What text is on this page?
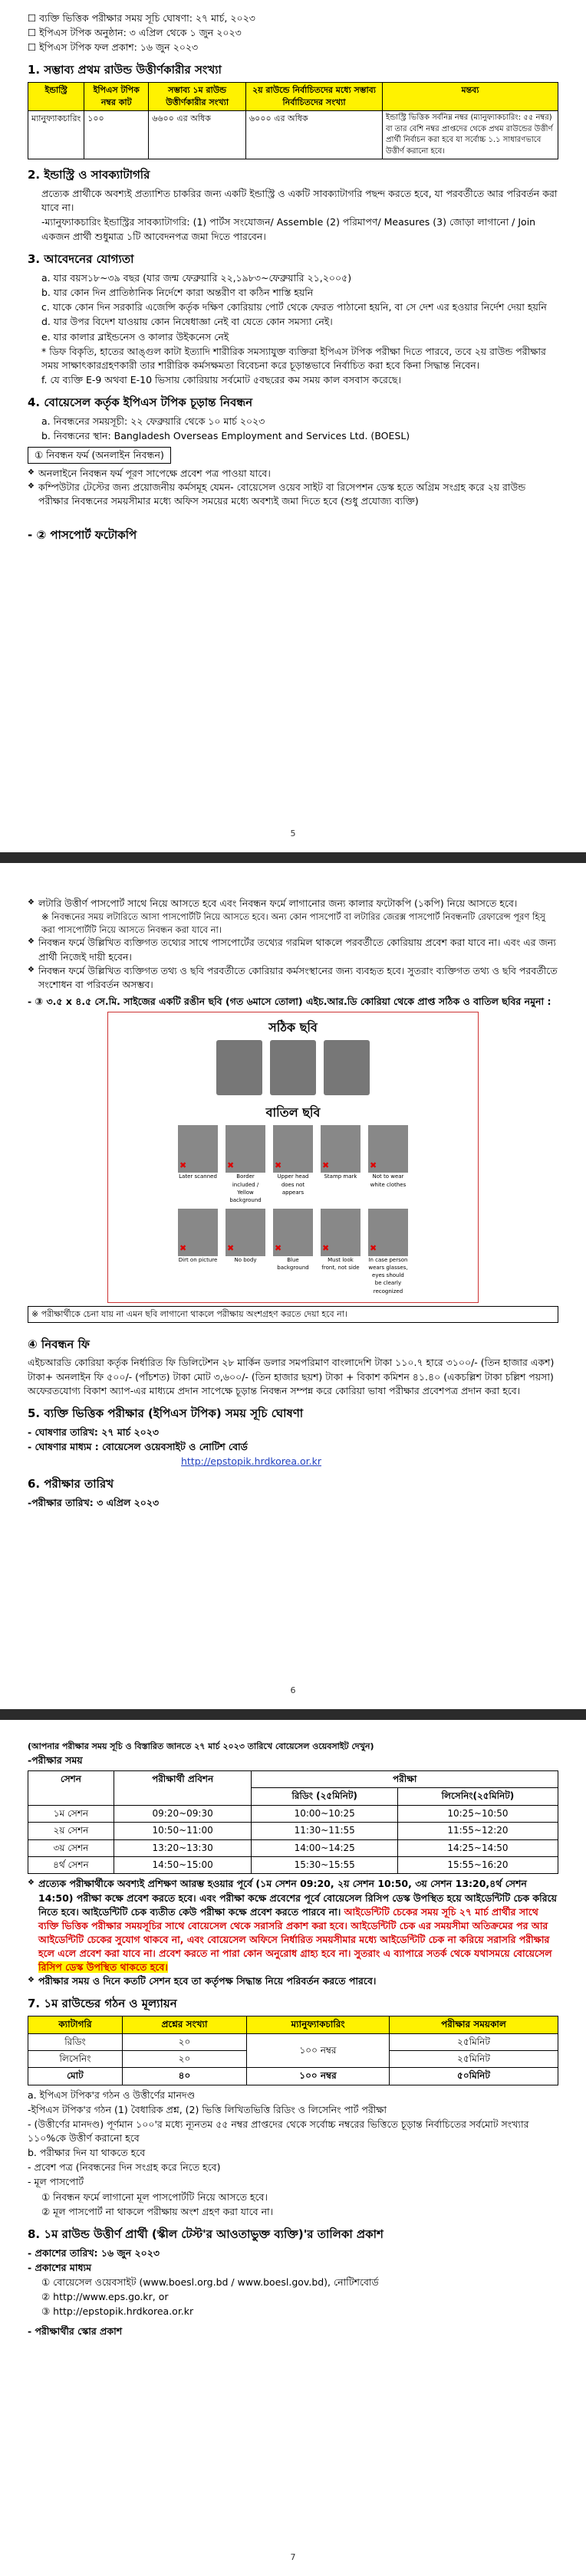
☐ ব্যক্তি ভিত্তিক পরীক্ষার সময় সূচি ঘোষণা: ২৭ মার্চ, ২০২৩
☐ ইপিএস টপিক অনুষ্ঠান: ৩ এপ্রিল থেকে ১ জুন ২০২৩
☐ ইপিএস টপিক ফল প্রকাশ: ১৬ জুন ২০২৩
1. সম্ভাব্য প্রথম রাউন্ড উত্তীর্ণকারীর সংখ্যা
ইন্ডাস্ট্রি	ইপিএস টপিক নম্বর কাট	সম্ভাব্য ১ম রাউন্ড উত্তীর্ণকারীর সংখ্যা	২য় রাউন্ডে নির্বাচিতদের মধ্যে সম্ভাব্য নির্বাচিতদের সংখ্যা	মন্তব্য
ম্যানুফ্যাকচারিং	১০০	৬৬০০ এর অধিক	৬০০০ এর অধিক	ইন্ডাস্ট্রি ভিত্তিক সর্বনিম্ন নম্বর (ম্যানুফ্যাকচারিং: ৫৫ নম্বর) বা তার বেশি নম্বর প্রাপ্তদের থেকে প্রথম রাউন্ডের উত্তীর্ণ প্রার্থী নির্বাচন করা হবে যা সর্বোচ্চ ১.১ সাধারণভাবে উত্তীর্ণ করানো হবে।
2. ইন্ডাস্ট্রি ও সাবক্যাটাগরি
প্রত্যেক প্রার্থীকে অবশ্যই প্রত্যাশিত চাকরির জন্য একটি ইন্ডাস্ট্রি ও একটি সাবক্যাটাগরি পছন্দ করতে হবে, যা পরবর্তীতে আর পরিবর্তন করা যাবে না।
-ম্যানুফ্যাকচারিং ইন্ডাস্ট্রির সাবক্যাটাগরি: (1) পার্টস সংযোজন/ Assemble (2) পরিমাপণ/ Measures (3) জোড়া লাগানো / Join
একজন প্রার্থী শুধুমাত্র ১টি আবেদনপত্র জমা দিতে পারবেন।
3. আবেদনের যোগ্যতা
a. যার বয়স১৮~৩৯ বছর (যার জন্ম ফেব্রুয়ারি ২২,১৯৮৩~ফেব্রুয়ারি ২১,২০০৫)
b. যার কোন দিন প্রাতিষ্ঠানিক নির্দেশে কারা অন্তরীণ বা কঠিন শাস্তি হয়নি
c. যাকে কোন দিন সরকারি এজেন্সি কর্তৃক দক্ষিণ কোরিয়ায় পোর্ট থেকে ফেরত পাঠানো হয়নি, বা সে দেশ এর হওয়ার নির্দেশ দেয়া হয়নি
d. যার উপর বিদেশ যাওয়ায় কোন নিষেধাজ্ঞা নেই বা যেতে কোন সমস্যা নেই।
e. যার কালার ব্লাইন্ডনেস ও কালার উইকনেস নেই
* ডিফ বিকৃতি, হাতের আঙ্গুল কাটা ইত্যাদি শারীরিক সমস্যাযুক্ত ব্যক্তিরা ইপিএস টপিক পরীক্ষা দিতে পারবে, তবে ২য় রাউন্ড পরীক্ষার সময় সাক্ষাৎকারগ্রহণকারী তার শারীরিক কর্মসক্ষমতা বিবেচনা করে চূড়ান্তভাবে নির্বাচিত করা হবে কিনা সিদ্ধান্ত নিবেন।
f. যে ব্যক্তি E-9 অথবা E-10 ভিসায় কোরিয়ায় সর্বমোট ৫বছরের কম সময় কাল বসবাস করেছে।
4. বোয়েসেল কর্তৃক ইপিএস টপিক চূড়ান্ত নিবন্ধন
a. নিবন্ধনের সময়সূচী: ২২ ফেব্রুয়ারি থেকে ১০ মার্চ ২০২৩
b. নিবন্ধনের স্থান: Bangladesh Overseas Employment and Services Ltd. (BOESL)
① নিবন্ধন ফর্ম (অনলাইন নিবন্ধন)
❖ অনলাইনে নিবন্ধন ফর্ম পূরণ সাপেক্ষে প্রবেশ পত্র পাওয়া যাবে।
❖ কম্পিউটার টেস্টের জন্য প্রয়োজনীয় কর্মসমূহ যেমন- বোয়েসেল ওয়েব সাইট বা রিসেপশন ডেস্ক হতে অগ্রিম সংগ্রহ করে ২য় রাউন্ড পরীক্ষার নিবন্ধনের সময়সীমার মধ্যে অফিস সময়ের মধ্যে অবশ্যই জমা দিতে হবে (শুধু প্রযোজ্য ব্যক্তি)
- ② পাসপোর্ট ফটোকপি
5
❖ লটারি উত্তীর্ণ পাসপোর্ট সাথে নিয়ে আসতে হবে এবং নিবন্ধন ফর্মে লাগানোর জন্য কালার ফটোকপি (১কপি) নিয়ে আসতে হবে।
※ নিবন্ধনের সময় লটারিতে আসা পাসপোর্টটি নিয়ে আসতে হবে। অন্য কোন পাসপোর্ট বা লটারির জেরক্স পাসপোর্ট নিবন্ধনটি রেফারেন্স পূরণ হিসু করা পাসপোর্টটি নিয়ে আসতে নিবন্ধন করা যাবে না।
❖ নিবন্ধন ফর্মে উল্লিখিত ব্যক্তিগত তথ্যের সাথে পাসপোর্টের তথ্যের গরমিল থাকলে পরবর্তীতে কোরিয়ায় প্রবেশ করা যাবে না। এবং এর জন্য প্রার্থী নিজেই দায়ী হবেন।
❖ নিবন্ধন ফর্মে উল্লিখিত ব্যক্তিগত তথ্য ও ছবি পরবর্তীতে কোরিয়ার কর্মসংস্থানের জন্য ব্যবহৃত হবে। সুতরাং ব্যক্তিগত তথ্য ও ছবি পরবর্তীতে সংশোধন বা পরিবর্তন অসম্ভব।
- ③ ৩.৫ x ৪.৫ সে.মি. সাইজের একটি রঙীন ছবি (গত ৬মাসে তোলা) এইচ.আর.ডি কোরিয়া থেকে প্রাপ্ত সঠিক ও বাতিল ছবির নমুনা :
সঠিক ছবি

বাতিল ছবি
✖
Later scanned

✖	Border included / Yellow background

✖
Upper head does not appears

✖
Stamp mark

✖	Not to wear white clothes
✖
Dirt on picture

✖	No body

✖	Blue background

✖
Must look front, not side

✖
In case person wears glasses, eyes should be clearly recognized
※ পরীক্ষার্থীকে চেনা যায় না এমন ছবি লাগানো থাকলে পরীক্ষায় অংশগ্রহণ করতে দেয়া হবে না।
④ নিবন্ধন ফি
এইচআরডি কোরিয়া কর্তৃক নির্ধারিত ফি ডিলিটেশন ২৮ মার্কিন ডলার সমপরিমাণ বাংলাদেশি টাকা ১১০.৭ হারে ৩১০০/- (তিন হাজার একশ) টাকা+ অনলাইন ফি ৫০০/- (পাঁচশত) টাকা মোট ৩,৬০০/- (তিন হাজার ছয়শ) টাকা + বিকাশ কমিশন ৪১.৪০ (একচল্লিশ টাকা চল্লিশ পয়সা) অফেরতযোগ্য বিকাশ অ্যাপ-এর মাধ্যমে প্রদান সাপেক্ষে চূড়ান্ত নিবন্ধন সম্পন্ন করে কোরিয়া ভাষা পরীক্ষার প্রবেশপত্র প্রদান করা হবে।
5. ব্যক্তি ভিত্তিক পরীক্ষার (ইপিএস টপিক) সময় সূচি ঘোষণা
- ঘোষণার তারিখ: ২৭ মার্চ ২০২৩
- ঘোষণার মাধ্যম : বোয়েসেল ওয়েবসাইট ও নোটিশ বোর্ড
http://epstopik.hrdkorea.or.kr
6. পরীক্ষার তারিখ
-পরীক্ষার তারিখ: ৩ এপ্রিল ২০২৩
6
(আপনার পরীক্ষার সময় সূচি ও বিস্তারিত জানতে ২৭ মার্চ ২০২৩ তারিখে বোয়েসেল ওয়েবসাইট দেখুন)
-পরীক্ষার সময়
সেশন	পরীক্ষার্থী প্রবিশন	পরীক্ষা	
		রিডিং (২৫মিনিট)	লিসেনিং(২৫মিনিট)
১ম সেশন	09:20~09:30	10:00~10:25	10:25~10:50
২য় সেশন	10:50~11:00	11:30~11:55	11:55~12:20
৩য় সেশন	13:20~13:30	14:00~14:25	14:25~14:50
৪র্থ সেশন	14:50~15:00	15:30~15:55	15:55~16:20
❖ প্রত্যেক পরীক্ষার্থীকে অবশ্যই প্রশিক্ষণ আরম্ভ হওয়ার পূর্বে (১ম সেশন 09:20, ২য় সেশন 10:50, ৩য় সেশন 13:20,৪র্থ সেশন 14:50) পরীক্ষা কক্ষে প্রবেশ করতে হবে। এবং পরীক্ষা কক্ষে প্রবেশের পূর্বে বোয়েসেল রিসিপ ডেস্ক উপস্থিত হয়ে আইডেন্টিটি চেক করিয়ে নিতে হবে। আইডেন্টিটি চেক ব্যতীত কেউ পরীক্ষা কক্ষে প্রবেশ করতে পারবে না। আইডেন্টিটি চেকের সময় সূচি ২৭ মার্চ প্রার্থীর সাথে ব্যক্তি ভিত্তিক পরীক্ষার সময়সূচির সাথে বোয়েসেল থেকে সরাসরি প্রকাশ করা হবে। আইডেন্টিটি চেক এর সময়সীমা অতিক্রমের পর আর আইডেন্টিটি চেকের সুযোগ থাকবে না, এবং বোয়েসেল অফিসে নির্ধারিত সময়সীমার মধ্যে আইডেন্টিটি চেক না করিয়ে সরাসরি পরীক্ষার হলে এলে প্রবেশ করা যাবে না। প্রবেশ করতে না পারা কোন অনুরোধ গ্রাহ্য হবে না। সুতরাং এ ব্যাপারে সতর্ক থেকে যথাসময়ে বোয়েসেল রিসিপ ডেস্ক উপস্থিত থাকতে হবে।
❖ পরীক্ষার সময় ও দিনে কতটি সেশন হবে তা কর্তৃপক্ষ সিদ্ধান্ত নিয়ে পরিবর্তন করতে পারবে।
7. ১ম রাউন্ডের গঠন ও মূল্যায়ন
ক্যাটাগরি	প্রশ্নের সংখ্যা	ম্যানুফ্যাকচারিং	পরীক্ষার সময়কাল
রিডিং	২০	১০০ নম্বর	২৫মিনিট
লিসেনিং	২০		২৫মিনিট
মোট	৪০	১০০ নম্বর	৫০মিনিট
a. ইপিএস টপিক'র গঠন ও উত্তীর্ণের মানদণ্ড
-ইপিএস টপিক'র গঠন (1) বৈধারিক প্রশ্ন, (2) ভিত্তি লিখিতভিত্তি রিডিং ও লিসেনিং পার্ট পরীক্ষা
- (উত্তীর্ণের মানদণ্ড) পূর্ণমান ১০০'র মধ্যে ন্যূনতম ৫৫ নম্বর প্রাপ্তদের থেকে সর্বোচ্চ নম্বরের ভিত্তিতে চূড়ান্ত নির্বাচিতের সর্বমোট সংখ্যার ১১০%কে উত্তীর্ণ করানো হবে
b. পরীক্ষার দিন যা থাকতে হবে
- প্রবেশ পত্র (নিবন্ধনের দিন সংগ্রহ করে নিতে হবে)
- মূল পাসপোর্ট
① নিবন্ধন ফর্মে লাগানো মূল পাসপোর্টটি নিয়ে আসতে হবে।
② মূল পাসপোর্ট না থাকলে পরীক্ষায় অংশ গ্রহণ করা যাবে না।
8. ১ম রাউন্ড উত্তীর্ণ প্রার্থী (স্কীল টেস্ট'র আওতাভুক্ত ব্যক্তি)'র তালিকা প্রকাশ
- প্রকাশের তারিখ: ১৬ জুন ২০২৩
- প্রকাশের মাধ্যম
① বোয়েসেল ওয়েবসাইট (www.boesl.org.bd / www.boesl.gov.bd), নোটিশবোর্ড
② http://www.eps.go.kr, or
③ http://epstopik.hrdkorea.or.kr
- পরীক্ষার্থীর স্কোর প্রকাশ
7
